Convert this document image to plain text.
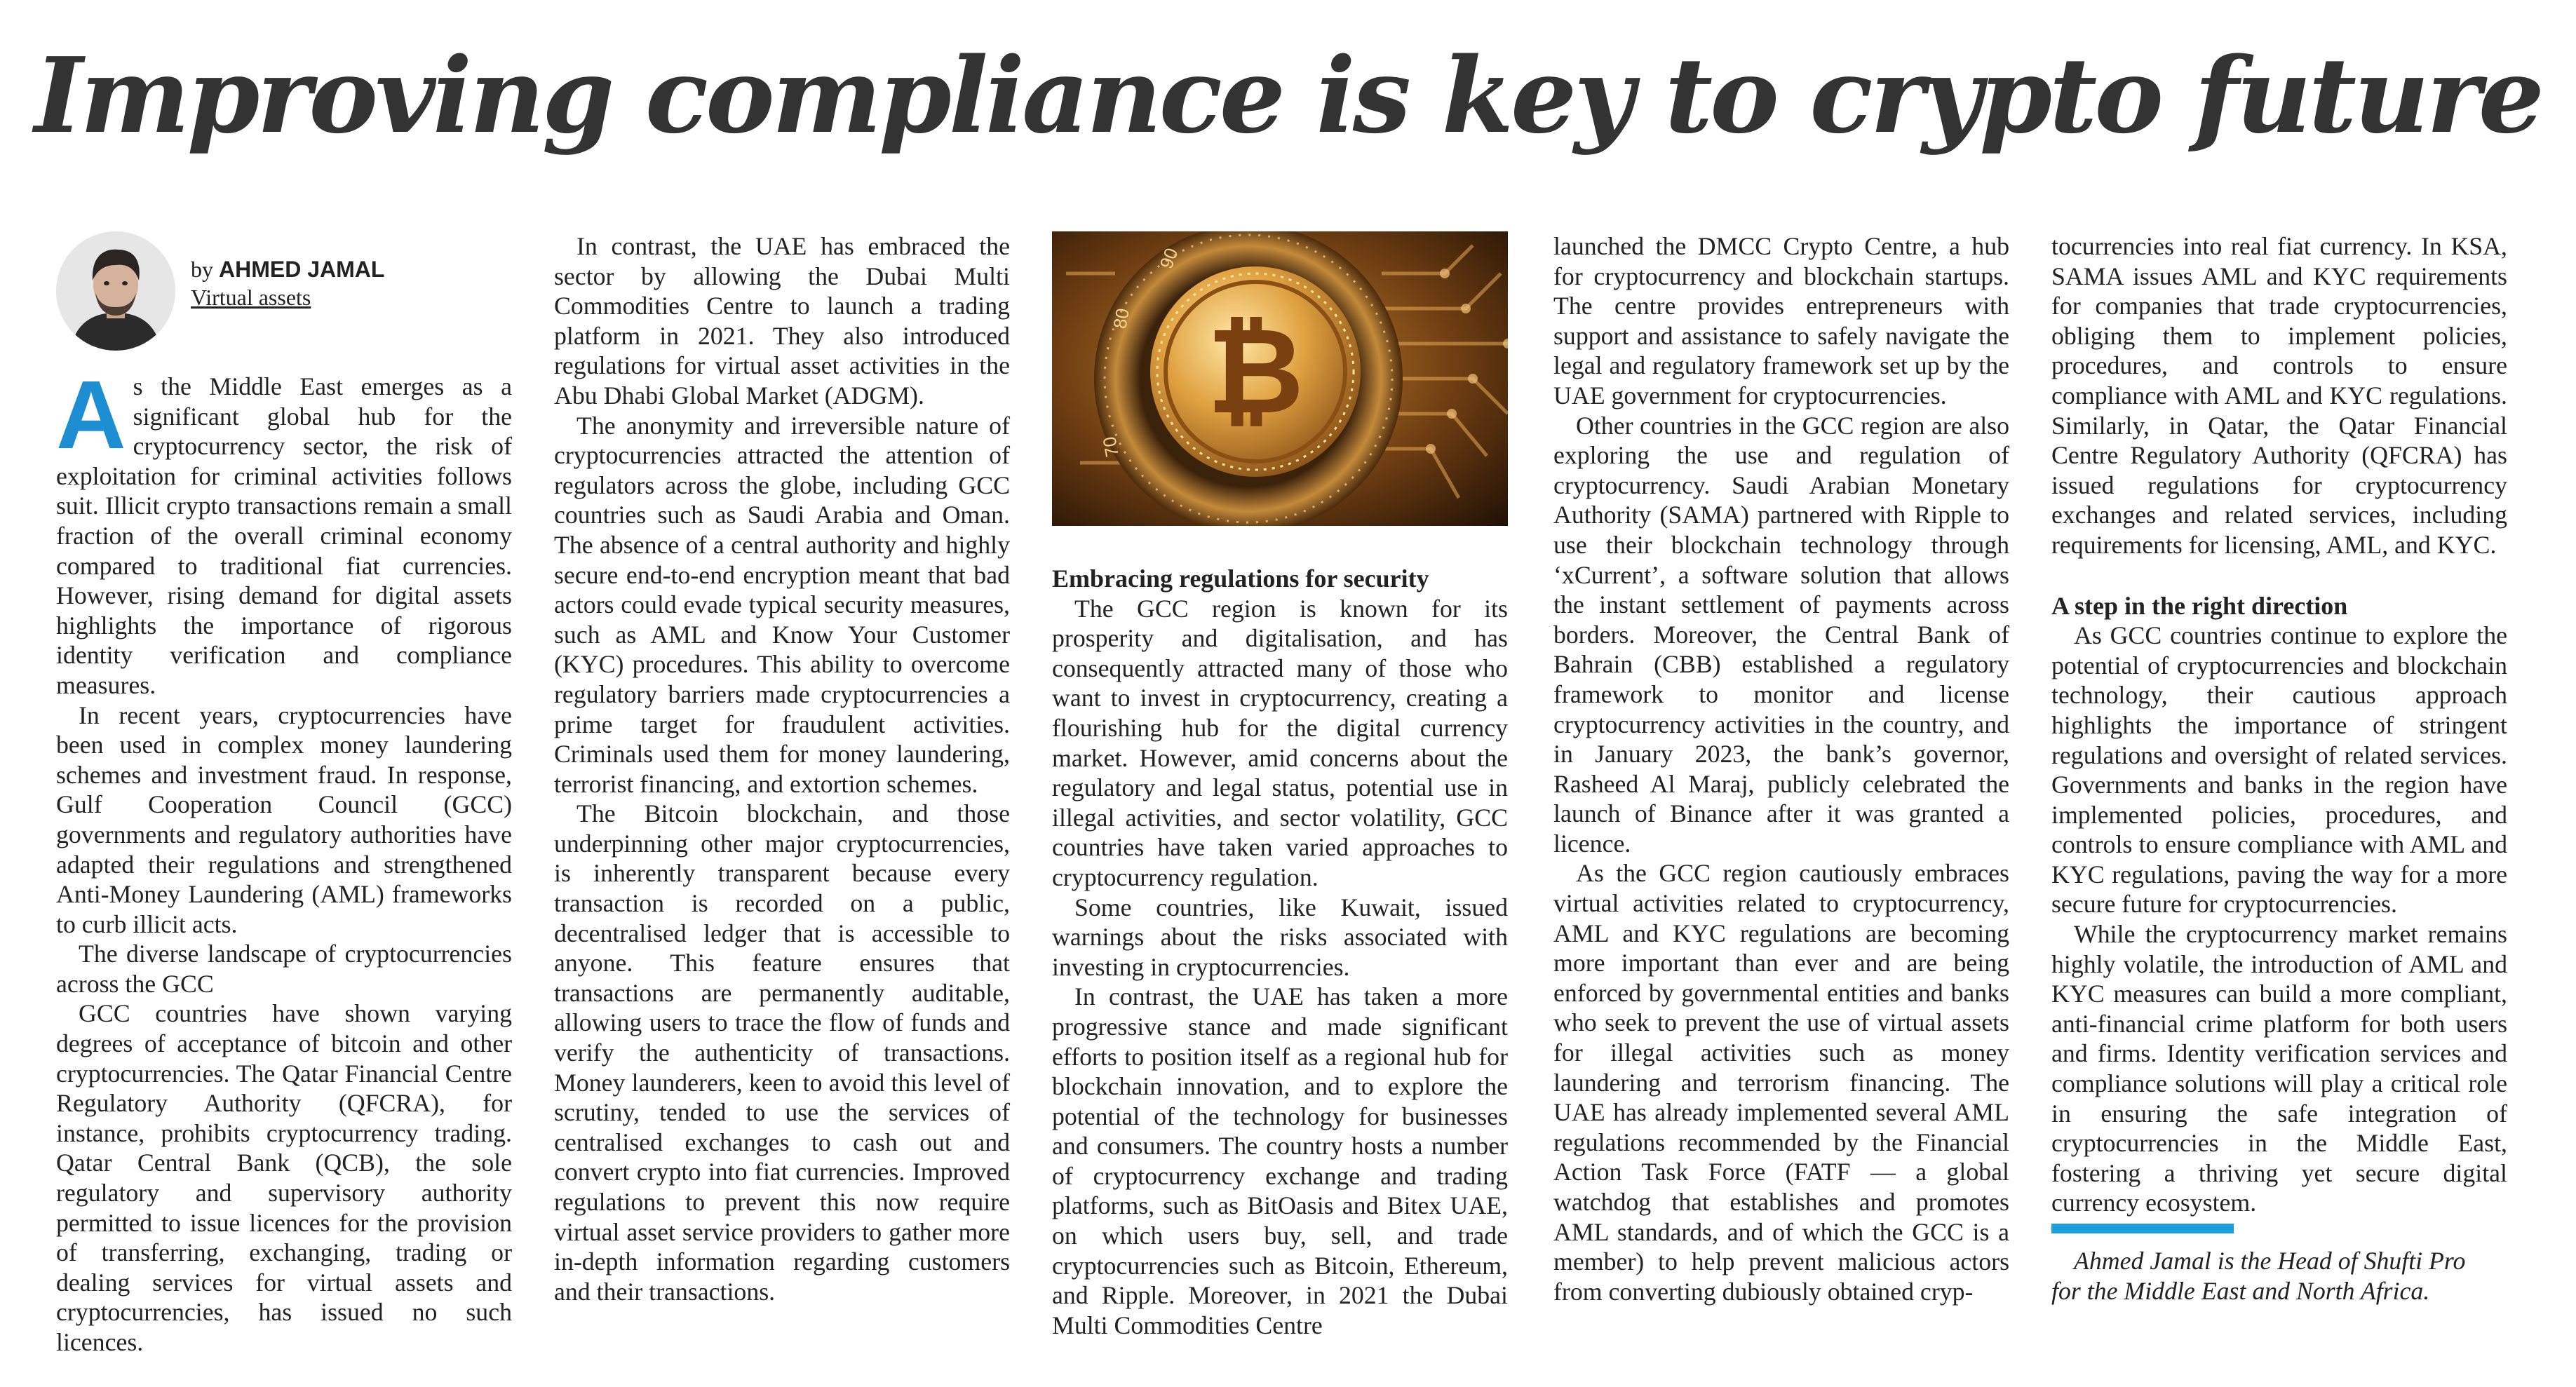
Improving compliance is key to crypto future
by AHMED JAMAL
Virtual assets

As the Middle East emerges as a significant global hub for the cryptocurrency sector, the risk of exploitation for criminal activities follows suit. Illicit crypto transactions remain a small fraction of the overall criminal economy compared to traditional fiat currencies. However, rising demand for digital assets highlights the importance of rigorous identity verification and compliance measures.

In recent years, cryptocurrencies have been used in complex money laundering schemes and investment fraud. In response, Gulf Cooperation Council (GCC) governments and regulatory authorities have adapted their regulations and strengthened Anti-Money Laundering (AML) frameworks to curb illicit acts.

The diverse landscape of cryptocurrencies across the GCC

GCC countries have shown varying degrees of acceptance of bitcoin and other cryptocurrencies. The Qatar Financial Centre Regulatory Authority (QFCRA), for instance, prohibits cryptocurrency trading. Qatar Central Bank (QCB), the sole regulatory and supervisory authority permitted to issue licences for the provision of transferring, exchanging, trading or dealing services for virtual assets and cryptocurrencies, has issued no such licences.

In contrast, the UAE has embraced the sector by allowing the Dubai Multi Commodities Centre to launch a trading platform in 2021. They also introduced regulations for virtual asset activities in the Abu Dhabi Global Market (ADGM).

The anonymity and irreversible nature of cryptocurrencies attracted the attention of regulators across the globe, including GCC countries such as Saudi Arabia and Oman. The absence of a central authority and highly secure end-to-end encryption meant that bad actors could evade typical security measures, such as AML and Know Your Customer (KYC) procedures. This ability to overcome regulatory barriers made cryptocurrencies a prime target for fraudulent activities. Criminals used them for money laundering, terrorist financing, and extortion schemes.

The Bitcoin blockchain, and those underpinning other major cryptocurrencies, is inherently transparent because every transaction is recorded on a public, decentralised ledger that is accessible to anyone. This feature ensures that transactions are permanently auditable, allowing users to trace the flow of funds and verify the authenticity of transactions. Money launderers, keen to avoid this level of scrutiny, tended to use the services of centralised exchanges to cash out and convert crypto into fiat currencies. Improved regulations to prevent this now require virtual asset service providers to gather more in-depth information regarding customers and their transactions.

90
80
70
₿
Embracing regulations for security

The GCC region is known for its prosperity and digitalisation, and has consequently attracted many of those who want to invest in cryptocurrency, creating a flourishing hub for the digital currency market. However, amid concerns about the regulatory and legal status, potential use in illegal activities, and sector volatility, GCC countries have taken varied approaches to cryptocurrency regulation.

Some countries, like Kuwait, issued warnings about the risks associated with investing in cryptocurrencies.

In contrast, the UAE has taken a more progressive stance and made significant efforts to position itself as a regional hub for blockchain innovation, and to explore the potential of the technology for businesses and consumers. The country hosts a number of cryptocurrency exchange and trading platforms, such as BitOasis and Bitex UAE, on which users buy, sell, and trade cryptocurrencies such as Bitcoin, Ethereum, and Ripple. Moreover, in 2021 the Dubai Multi Commodities Centre

launched the DMCC Crypto Centre, a hub for cryptocurrency and blockchain startups. The centre provides entrepreneurs with support and assistance to safely navigate the legal and regulatory framework set up by the UAE government for cryptocurrencies.

Other countries in the GCC region are also exploring the use and regulation of cryptocurrency. Saudi Arabian Monetary Authority (SAMA) partnered with Ripple to use their blockchain technology through ‘xCurrent’, a software solution that allows the instant settlement of payments across borders. Moreover, the Central Bank of Bahrain (CBB) established a regulatory framework to monitor and license cryptocurrency activities in the country, and in January 2023, the bank’s governor, Rasheed Al Maraj, publicly celebrated the launch of Binance after it was granted a licence.

As the GCC region cautiously embraces virtual activities related to cryptocurrency, AML and KYC regulations are becoming more important than ever and are being enforced by governmental entities and banks who seek to prevent the use of virtual assets for illegal activities such as money laundering and terrorism financing. The UAE has already implemented several AML regulations recommended by the Financial Action Task Force (FATF — a global watchdog that establishes and promotes AML standards, and of which the GCC is a member) to help prevent malicious actors from converting dubiously obtained cryp-

tocurrencies into real fiat currency. In KSA, SAMA issues AML and KYC requirements for companies that trade cryptocurrencies, obliging them to implement policies, procedures, and controls to ensure compliance with AML and KYC regulations. Similarly, in Qatar, the Qatar Financial Centre Regulatory Authority (QFCRA) has issued regulations for cryptocurrency exchanges and related services, including requirements for licensing, AML, and KYC.

A step in the right direction

As GCC countries continue to explore the potential of cryptocurrencies and blockchain technology, their cautious approach highlights the importance of stringent regulations and oversight of related services. Governments and banks in the region have implemented policies, procedures, and controls to ensure compliance with AML and KYC regulations, paving the way for a more secure future for cryptocurrencies.

While the cryptocurrency market remains highly volatile, the introduction of AML and KYC measures can build a more compliant, anti-financial crime platform for both users and firms. Identity verification services and compliance solutions will play a critical role in ensuring the safe integration of cryptocurrencies in the Middle East, fostering a thriving yet secure digital currency ecosystem.

Ahmed Jamal is the Head of Shufti Pro
for the Middle East and North Africa.
